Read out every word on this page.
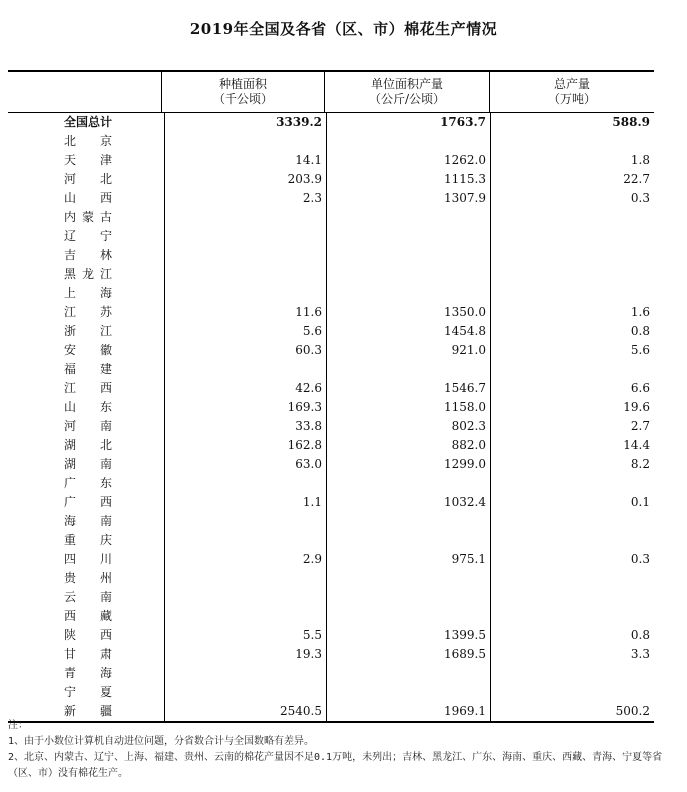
2019年全国及各省（区、市）棉花生产情况
种植面积
（千公顷）
单位面积产量
（公斤/公顷）
总产量
（万吨）
全国总计	3339.2	1763.7	588.9
北京
天津	14.1	1262.0	1.8
河北	203.9	1115.3	22.7
山西	2.3	1307.9	0.3
内蒙古
辽宁
吉林
黑龙江
上海
江苏	11.6	1350.0	1.6
浙江	5.6	1454.8	0.8
安徽	60.3	921.0	5.6
福建
江西	42.6	1546.7	6.6
山东	169.3	1158.0	19.6
河南	33.8	802.3	2.7
湖北	162.8	882.0	14.4
湖南	63.0	1299.0	8.2
广东
广西	1.1	1032.4	0.1
海南
重庆
四川	2.9	975.1	0.3
贵州
云南
西藏
陕西	5.5	1399.5	0.8
甘肃	19.3	1689.5	3.3
青海
宁夏
新疆	2540.5	1969.1	500.2
注：
1、由于小数位计算机自动进位问题，分省数合计与全国数略有差异。
2、北京、内蒙古、辽宁、上海、福建、贵州、云南的棉花产量因不足0.1万吨，未列出；吉林、黑龙江、广东、海南、重庆、西藏、青海、宁夏等省（区、市）没有棉花生产。
